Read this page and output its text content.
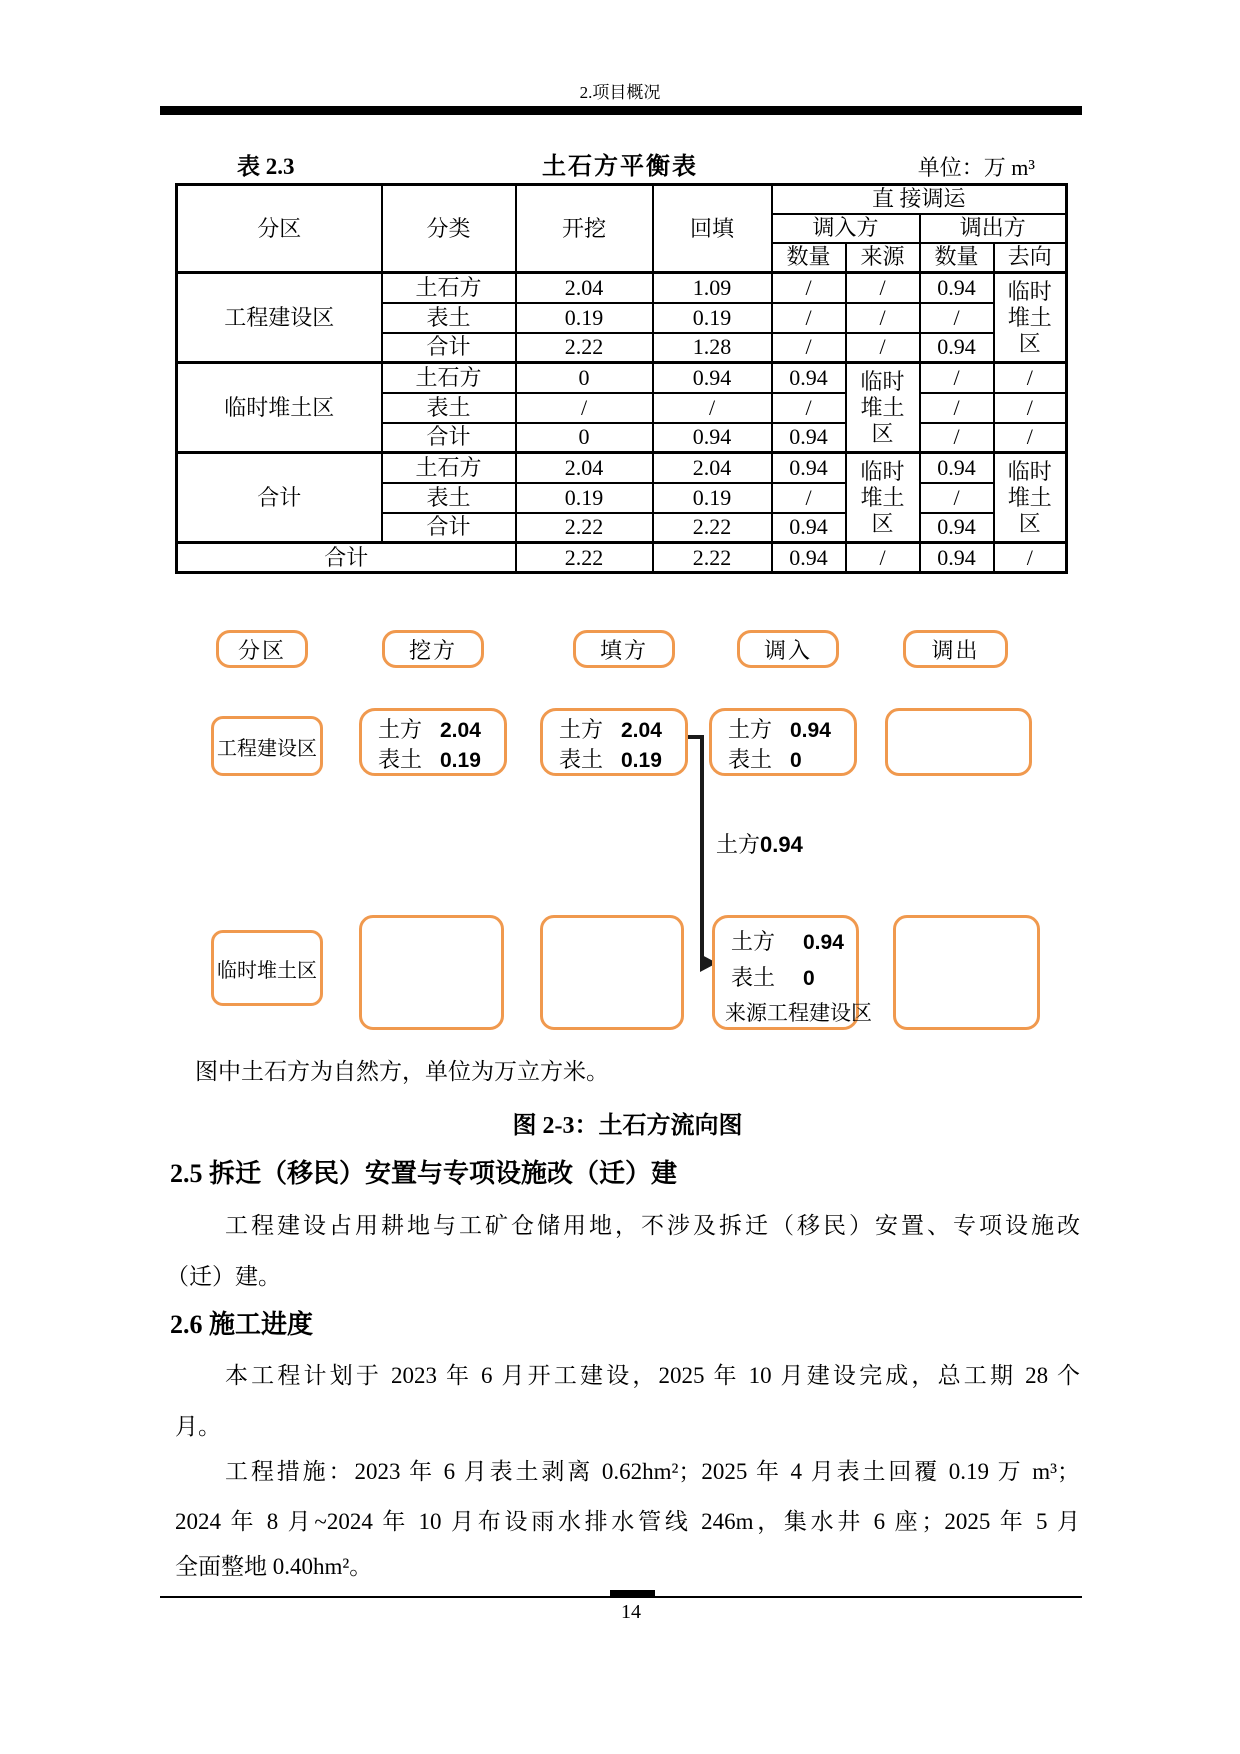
2.项目概况
土石方平衡表
表 2.3	单位：万 m³
分区	分类	开挖	回填	直 接调运			
				调入方		调出方	
				数量	来源	数量	去向
工程建设区	土石方	2.04	1.09	/	/	0.94	临时堆土区
	表土	0.19	0.19	/	/	/	
	合计	2.22	1.28	/	/	0.94	
临时堆土区	土石方	0	0.94	0.94	临时堆土区	/	/
	表土	/	/	/		/	/
	合计	0	0.94	0.94		/	/
合计	土石方	2.04	2.04	0.94	临时堆土区	0.94	临时堆土区
	表土	0.19	0.19	/		/	
	合计	2.22	2.22	0.94		0.94	
合计		2.22	2.22	0.94	/	0.94	/
分区	挖方	填方	调入	调出
工程建设区
土方 2.04
表土 0.19
土方 2.04
表土 0.19
土方 0.94
表土 0
土方0.94
临时堆土区
土方 0.94
表土 0
来源工程建设区
图中土石方为自然方，单位为万立方米。
图 2-3：土石方流向图
2.5 拆迁（移民）安置与专项设施改（迁）建
工程建设占用耕地与工矿仓储用地，不涉及拆迁（移民）安置、专项设施改
（迁）建。
2.6 施工进度
本工程计划于 2023 年 6 月开工建设，2025 年 10 月建设完成，总工期 28 个
月。
工程措施：2023 年 6 月表土剥离 0.62hm²；2025 年 4 月表土回覆 0.19 万 m³；
2024 年 8 月~2024 年 10 月布设雨水排水管线 246m，集水井 6 座；2025 年 5 月
全面整地 0.40hm²。
14
